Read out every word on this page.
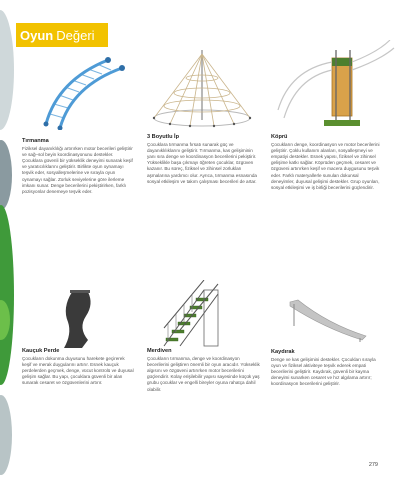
Oyun Değeri
Tırmanma

Fiziksel dayanıklılığı artırırken motor becerileri geliştirir ve sağ–sol beyin koordinasyonunu destekler. Çocuklara güvenli bir yükseklik deneyimi sunarak keşif ve yaratıcılıklarını geliştirir. Birlikte oyun oynamayı teşvik eder, sosyalleşmelerine ve sırayla oyun oynamayı sağlar. Zorluk seviyelerine göre ilerleme imkanı sunar. Denge becerilerini pekiştirirken, farklı pozisyonlar denemeye teşvik eder.

3 Boyutlu İp

Çocuklara tırmanma fırsatı sunarak güç ve dayanıklılıklarını geliştirir. Tırmanma, kas gelişiminin yanı sıra denge ve koordinasyon becerilerini pekiştirir. Yükseklikle başa çıkmayı öğreten çocuklar, özgüven kazanır. Bu süreç, fiziksel ve zihinsel zorlukları aşmalarına yardımcı olur. Ayrıca, tırmanma esnasında sosyal etkileşim ve takım çalışması becerileri de artar.

Köprü

Çocukların denge, koordinasyon ve motor becerilerini geliştirir. Çoklu kullanım alanları, sosyalleşmeyi ve empatiyi destekler. Esnek yapısı, fiziksel ve zihinsel gelişime katkı sağlar. Köprüden geçmek, cesaret ve özgüveni artırırken keşif ve macera duygusunu teşvik eder. Farklı materyallerle sunulan dokunsal deneyimler, duyusal gelişimi destekler. Grup oyunları, sosyal etkileşimi ve iş birliği becerilerini güçlendirir.

Kauçuk Perde

Çocukların dokunma duyusunu harekete geçirerek keşif ve merak duygularını artırır. Esnek kauçuk perdelerden geçmek, denge, vücut kontrolü ve duyusal gelişim sağlar. Bu yapı, çocuklara güvenli bir alan sunarak cesaret ve özgüvenlerini artırır.

Merdiven

Çocukların tırmanma, denge ve koordinasyon becerilerini geliştiren önemli bir oyun aracıdır. Yükseklik algısını ve özgüveni artırırken motor becerilerini güçlendirir. Kolay erişilebilir yapısı sayesinde küçük yaş grubu çocuklar ve engelli bireyler oyuna rahatça dahil olabilir.

Kaydırak

Denge ve kas gelişimini destekler. Çocukları sırayla oyun ve fiziksel aktiviteye teşvik ederek empati becerilerini geliştirir. Kaydırak, güvenli bir kayma deneyimi sunarken cesaret ve hız algılama artırır; koordinasyon becerilerini geliştirir.

279
